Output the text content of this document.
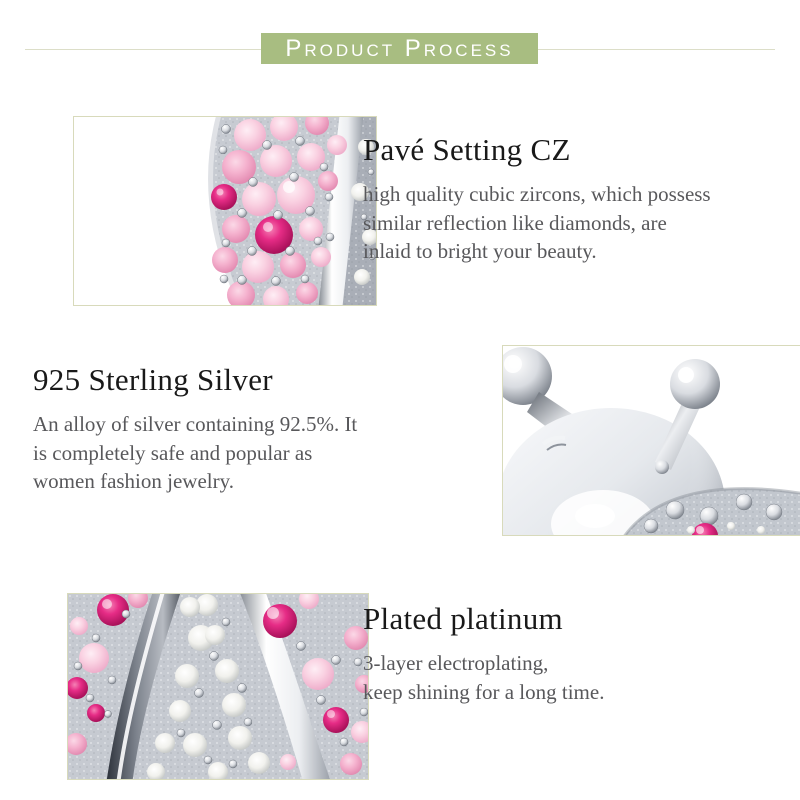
Product Process
Pavé Setting CZ
high quality cubic zircons, which possess
similar reflection like diamonds, are
inlaid to bright your beauty.
925 Sterling Silver
An alloy of silver containing 92.5%. It
is completely safe and popular as
women fashion jewelry.
Plated platinum
3-layer electroplating,
keep shining for a long time.
